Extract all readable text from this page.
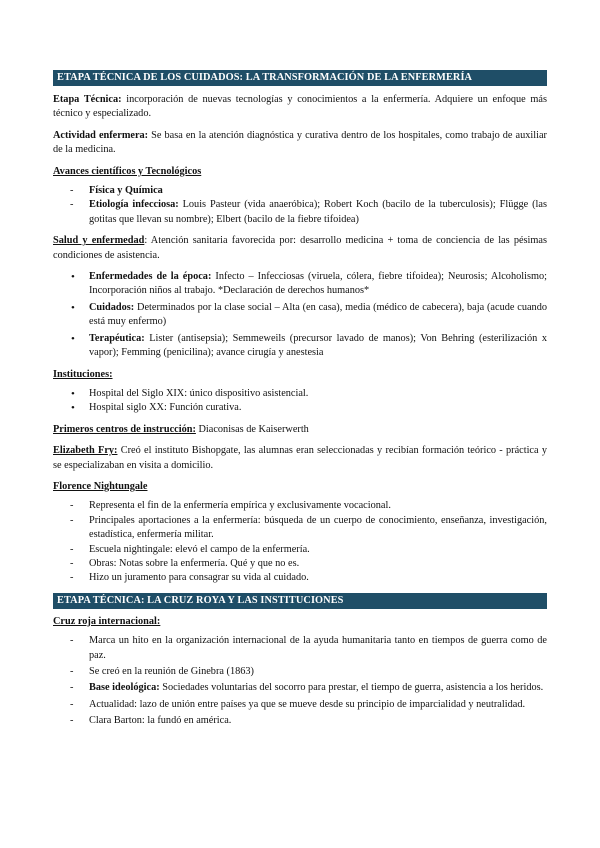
ETAPA TÉCNICA DE LOS CUIDADOS: LA TRANSFORMACIÓN DE LA ENFERMERÍA

Etapa Técnica: incorporación de nuevas tecnologías y conocimientos a la enfermería. Adquiere un enfoque más técnico y especializado.

Actividad enfermera: Se basa en la atención diagnóstica y curativa dentro de los hospitales, como trabajo de auxiliar de la medicina.

Avances científicos y Tecnológicos

- Física y Química
- Etiología infecciosa: Louis Pasteur (vida anaeróbica); Robert Koch (bacilo de la tuberculosis); Flügge (las gotitas que llevan su nombre); Elbert (bacilo de la fiebre tifoidea)

Salud y enfermedad: Atención sanitaria favorecida por: desarrollo medicina + toma de conciencia de las pésimas condiciones de asistencia.

• Enfermedades de la época: Infecto – Infecciosas (viruela, cólera, fiebre tifoidea); Neurosis; Alcoholismo; Incorporación niños al trabajo. *Declaración de derechos humanos*
• Cuidados: Determinados por la clase social – Alta (en casa), media (médico de cabecera), baja (acude cuando está muy enfermo)
• Terapéutica: Lister (antisepsia); Semmeweils (precursor lavado de manos); Von Behring (esterilización x vapor); Femming (penicilina); avance cirugía y anestesia

Instituciones:

• Hospital del Siglo XIX: único dispositivo asistencial.
• Hospital siglo XX: Función curativa.

Primeros centros de instrucción: Diaconisas de Kaiserwerth

Elizabeth Fry: Creó el instituto Bishopgate, las alumnas eran seleccionadas y recibían formación teórico - práctica y se especializaban en visita a domicilio.

Florence Nightungale

- Representa el fin de la enfermería empírica y exclusivamente vocacional.
- Principales aportaciones a la enfermería: búsqueda de un cuerpo de conocimiento, enseñanza, investigación, estadística, enfermería militar.
- Escuela nightingale: elevó el campo de la enfermería.
- Obras: Notas sobre la enfermería. Qué y que no es.
- Hizo un juramento para consagrar su vida al cuidado.
ETAPA TÉCNICA: LA CRUZ ROYA Y LAS INSTITUCIONES

Cruz roja internacional:

- Marca un hito en la organización internacional de la ayuda humanitaria tanto en tiempos de guerra como de paz.
- Se creó en la reunión de Ginebra (1863)
- Base ideológica: Sociedades voluntarias del socorro para prestar, el tiempo de guerra, asistencia a los heridos.
- Actualidad: lazo de unión entre países ya que se mueve desde su principio de imparcialidad y neutralidad.
- Clara Barton: la fundó en américa.
